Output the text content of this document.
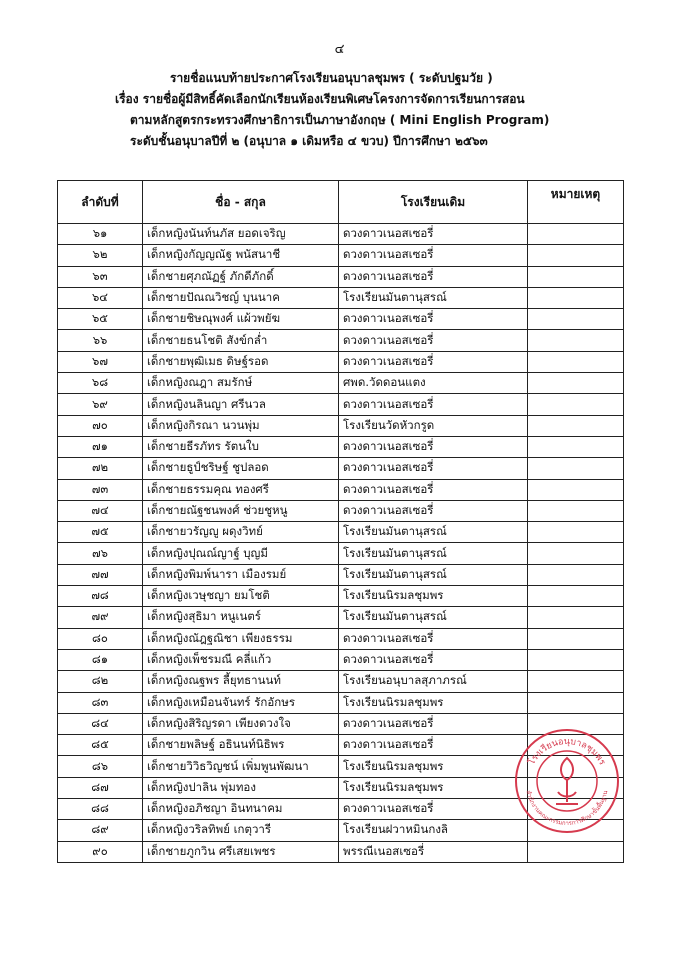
๔
รายชื่อแนบท้ายประกาศโรงเรียนอนุบาลชุมพร ( ระดับปฐมวัย )
เรื่อง รายชื่อผู้มีสิทธิ์คัดเลือกนักเรียนห้องเรียนพิเศษโครงการจัดการเรียนการสอน
ตามหลักสูตรกระทรวงศึกษาธิการเป็นภาษาอังกฤษ ( Mini English Program)
ระดับชั้นอนุบาลปีที่ ๒ (อนุบาล ๑ เดิมหรือ ๔ ขวบ) ปีการศึกษา ๒๕๖๓
ลำดับที่	ชื่อ - สกุล	โรงเรียนเดิม	หมายเหตุ
๖๑	เด็กหญิงนันท์นภัส ยอดเจริญ	ดวงดาวเนอสเซอรี่	
๖๒	เด็กหญิงกัญญณัฐ พนัสนาชี	ดวงดาวเนอสเซอรี่	
๖๓	เด็กชายศุภณัฏฐ์ ภักดีภักดิ์	ดวงดาวเนอสเซอรี่	
๖๔	เด็กชายปัณณวิชญ์ บุนนาค	โรงเรียนมันตานุสรณ์	
๖๕	เด็กชายชิษณุพงศ์ แผ้วพยัฆ	ดวงดาวเนอสเซอรี่	
๖๖	เด็กชายธนโชติ สังข์กล่ำ	ดวงดาวเนอสเซอรี่	
๖๗	เด็กชายพุฒิเมธ ดิษฐ์รอด	ดวงดาวเนอสเซอรี่	
๖๘	เด็กหญิงณฎา สมรักษ์	ศพด.วัดดอนแตง	
๖๙	เด็กหญิงนลินญา ศรีนวล	ดวงดาวเนอสเซอรี่	
๗๐	เด็กหญิงกิรณา นวนพุ่ม	โรงเรียนวัดหัวกรูด	
๗๑	เด็กชายธีรภัทร รัตนใบ	ดวงดาวเนอสเซอรี่	
๗๒	เด็กชายธูป์ชริษฐ์ ชูปลอด	ดวงดาวเนอสเซอรี่	
๗๓	เด็กชายธรรมคุณ ทองศรี	ดวงดาวเนอสเซอรี่	
๗๔	เด็กชายณัฐชนพงศ์ ช่วยชูหนู	ดวงดาวเนอสเซอรี่	
๗๕	เด็กชายวรัญญู ผดุงวิทย์	โรงเรียนมันตานุสรณ์	
๗๖	เด็กหญิงปุณณ์ญาฐ์ บุญมี	โรงเรียนมันตานุสรณ์	
๗๗	เด็กหญิงพิมพ์นารา เมืองรมย์	โรงเรียนมันตานุสรณ์	
๗๘	เด็กหญิงเวษุชญา ยมโชติ	โรงเรียนนิรมลชุมพร	
๗๙	เด็กหญิงสุธิมา หนูเนตร์	โรงเรียนมันตานุสรณ์	
๘๐	เด็กหญิงณัฎฐณิชา เพียงธรรม	ดวงดาวเนอสเซอรี่	
๘๑	เด็กหญิงเพ็ชรมณี คลี่แก้ว	ดวงดาวเนอสเซอรี่	
๘๒	เด็กหญิงณฐพร ลี้ยุทธานนท์	โรงเรียนอนุบาลสุภาภรณ์	
๘๓	เด็กหญิงเหมือนจันทร์ รักอักษร	โรงเรียนนิรมลชุมพร	
๘๔	เด็กหญิงสิริญรดา เพียงดวงใจ	ดวงดาวเนอสเซอรี่	
๘๕	เด็กชายพลิษฐ์ อธินนท์นิธิพร	ดวงดาวเนอสเซอรี่	
๘๖	เด็กชายวิวิธวิญชน์ เพิ่มพูนพัฒนา	โรงเรียนนิรมลชุมพร	
๘๗	เด็กหญิงปาลิน พุ่มทอง	โรงเรียนนิรมลชุมพร	
๘๘	เด็กหญิงอภิชญา อินทนาคม	ดวงดาวเนอสเซอรี่	
๘๙	เด็กหญิงวริลทิพย์ เกตุวารี	โรงเรียนฝวาหมินกงลิ	
๙๐	เด็กชายภูกวิน ศรีเสยเพชร	พรรณีเนอสเซอรี่	
โรงเรียนอนุบาลชุมพร
สำนักงานคณะกรรมการการศึกษาขั้นพื้นฐาน
